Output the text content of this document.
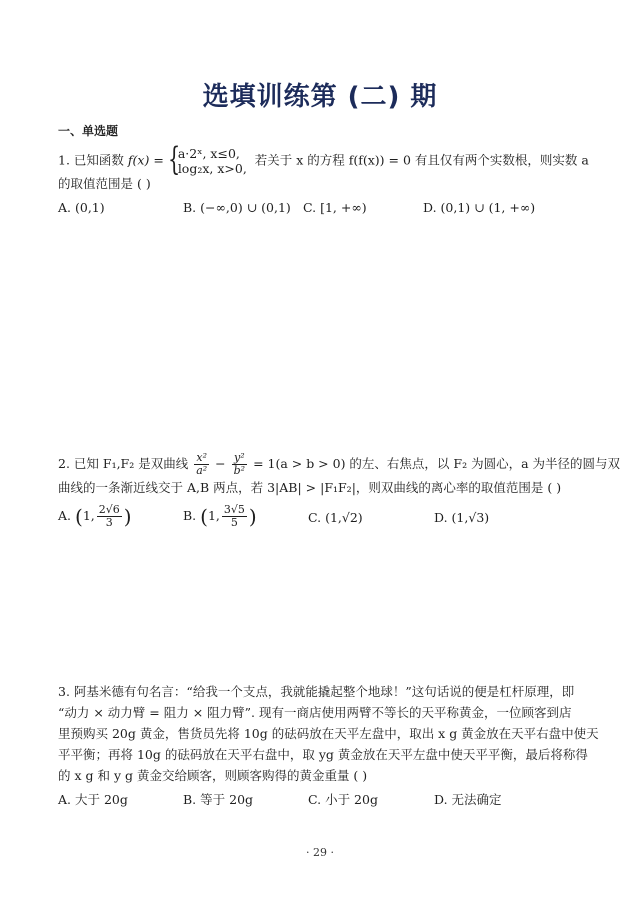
选填训练第 (二) 期
一、单选题
1. 已知函数 f(x) = { a·2ˣ, x≤0,
log₂x, x>0,
若关于 x 的方程 f(f(x)) = 0 有且仅有两个实数根，则实数 a
的取值范围是 ( )
A. (0,1)	B. (−∞,0) ∪ (0,1) C. [1, +∞)	D. (0,1) ∪ (1, +∞)
2. 已知 F₁,F₂ 是双曲线 $\frac{\text{x²}}{\text{a²}} - \frac{\text{y²}}{\text{b²}} = 1(a > b > 0)$ 的左、右焦点，以 F₂ 为圆心，a 为半径的圆与双
曲线的一条渐近线交于 A,B 两点，若 3|AB| > |F₁F₂|，则双曲线的离心率的取值范围是 ( )
A. (1, $\frac{2√6}{3}$ )	B. (1, $\frac{3√5}{5}$ )	C. (1,√2)	D. (1,√3)
3. 阿基米德有句名言：“给我一个支点，我就能撬起整个地球！”这句话说的便是杠杆原理，即
“动力 × 动力臂 = 阻力 × 阻力臂”. 现有一商店使用两臂不等长的天平称黄金，一位顾客到店
里预购买 20g 黄金，售货员先将 10g 的砝码放在天平左盘中，取出 x g 黄金放在天平右盘中使天
平平衡；再将 10g 的砝码放在天平右盘中，取 yg 黄金放在天平左盘中使天平平衡，最后将称得
的 x g 和 y g 黄金交给顾客，则顾客购得的黄金重量 ( )
A. 大于 20g	B. 等于 20g	C. 小于 20g	D. 无法确定
· 29 ·
